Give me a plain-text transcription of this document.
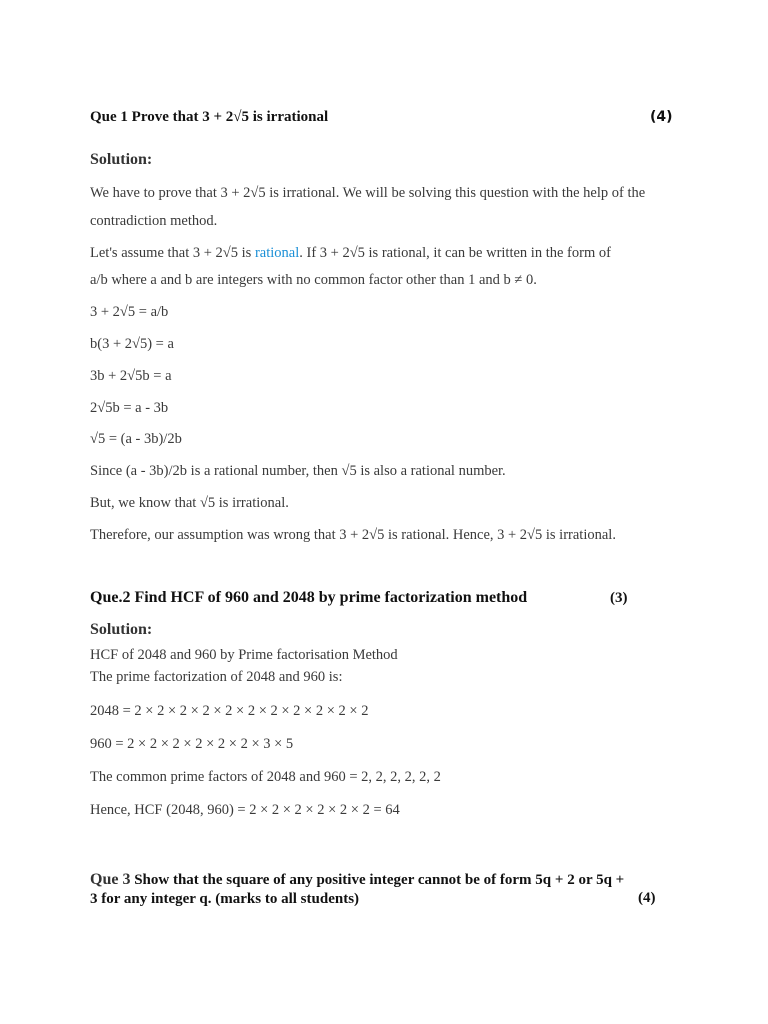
Que 1 Prove that 3 + 2√5 is irrational	(4)
Solution:
We have to prove that 3 + 2√5 is irrational. We will be solving this question with the help of the
contradiction method.
Let's assume that 3 + 2√5 is rational. If 3 + 2√5 is rational, it can be written in the form of
a/b where a and b are integers with no common factor other than 1 and b ≠ 0.
3 + 2√5 = a/b
b(3 + 2√5) = a
3b + 2√5b = a
2√5b = a - 3b
√5 = (a - 3b)/2b
Since (a - 3b)/2b is a rational number, then √5 is also a rational number.
But, we know that √5 is irrational.
Therefore, our assumption was wrong that 3 + 2√5 is rational. Hence, 3 + 2√5 is irrational.
Que.2 Find HCF of 960 and 2048 by prime factorization method	(3)
Solution:
HCF of 2048 and 960 by Prime factorisation Method
The prime factorization of 2048 and 960 is:
2048 = 2 × 2 × 2 × 2 × 2 × 2 × 2 × 2 × 2 × 2 × 2
960 = 2 × 2 × 2 × 2 × 2 × 2 × 3 × 5
The common prime factors of 2048 and 960 = 2, 2, 2, 2, 2, 2
Hence, HCF (2048, 960) = 2 × 2 × 2 × 2 × 2 × 2 = 64
Que 3 Show that the square of any positive integer cannot be of form 5q + 2 or 5q +
3 for any integer q. (marks to all students)	(4)
